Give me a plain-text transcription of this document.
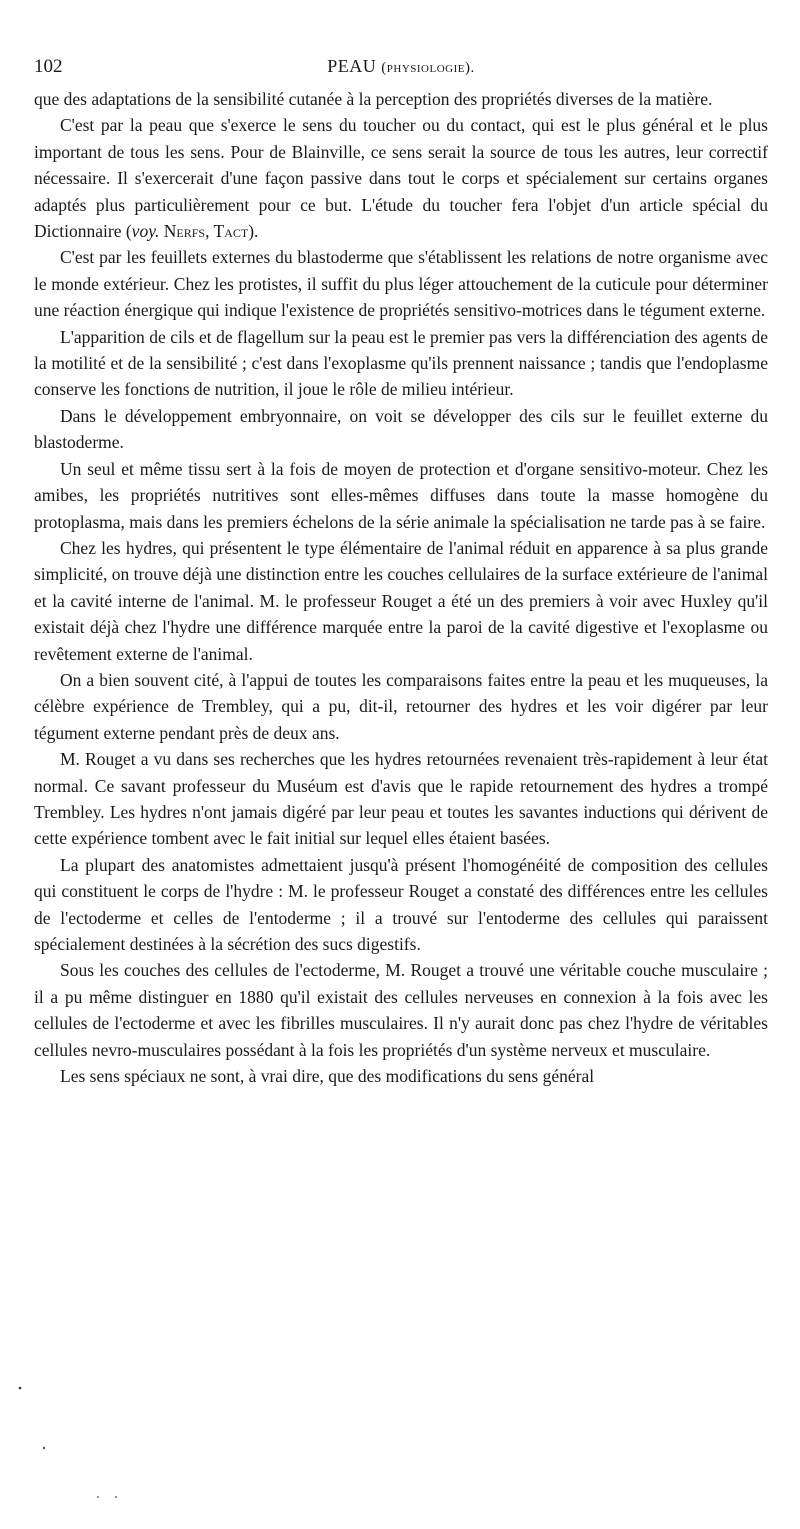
102	PEAU (physiologie).

que des adaptations de la sensibilité cutanée à la perception des propriétés diverses de la matière.

C'est par la peau que s'exerce le sens du toucher ou du contact, qui est le plus général et le plus important de tous les sens. Pour de Blainville, ce sens serait la source de tous les autres, leur correctif nécessaire. Il s'exercerait d'une façon passive dans tout le corps et spécialement sur certains organes adaptés plus particulièrement pour ce but. L'étude du toucher fera l'objet d'un article spécial du Dictionnaire (voy. Nerfs, Tact).

C'est par les feuillets externes du blastoderme que s'établissent les relations de notre organisme avec le monde extérieur. Chez les protistes, il suffit du plus léger attouchement de la cuticule pour déterminer une réaction énergique qui indique l'existence de propriétés sensitivo-motrices dans le tégument externe.

L'apparition de cils et de flagellum sur la peau est le premier pas vers la différenciation des agents de la motilité et de la sensibilité ; c'est dans l'exoplasme qu'ils prennent naissance ; tandis que l'endoplasme conserve les fonctions de nutrition, il joue le rôle de milieu intérieur.

Dans le développement embryonnaire, on voit se développer des cils sur le feuillet externe du blastoderme.

Un seul et même tissu sert à la fois de moyen de protection et d'organe sensitivo-moteur. Chez les amibes, les propriétés nutritives sont elles-mêmes diffuses dans toute la masse homogène du protoplasma, mais dans les premiers échelons de la série animale la spécialisation ne tarde pas à se faire.

Chez les hydres, qui présentent le type élémentaire de l'animal réduit en apparence à sa plus grande simplicité, on trouve déjà une distinction entre les couches cellulaires de la surface extérieure de l'animal et la cavité interne de l'animal. M. le professeur Rouget a été un des premiers à voir avec Huxley qu'il existait déjà chez l'hydre une différence marquée entre la paroi de la cavité digestive et l'exoplasme ou revêtement externe de l'animal.

On a bien souvent cité, à l'appui de toutes les comparaisons faites entre la peau et les muqueuses, la célèbre expérience de Trembley, qui a pu, dit-il, retourner des hydres et les voir digérer par leur tégument externe pendant près de deux ans.

M. Rouget a vu dans ses recherches que les hydres retournées revenaient très-rapidement à leur état normal. Ce savant professeur du Muséum est d'avis que le rapide retournement des hydres a trompé Trembley. Les hydres n'ont jamais digéré par leur peau et toutes les savantes inductions qui dérivent de cette expérience tombent avec le fait initial sur lequel elles étaient basées.

La plupart des anatomistes admettaient jusqu'à présent l'homogénéité de composition des cellules qui constituent le corps de l'hydre : M. le professeur Rouget a constaté des différences entre les cellules de l'ectoderme et celles de l'entoderme ; il a trouvé sur l'entoderme des cellules qui paraissent spécialement destinées à la sécrétion des sucs digestifs.

Sous les couches des cellules de l'ectoderme, M. Rouget a trouvé une véritable couche musculaire ; il a pu même distinguer en 1880 qu'il existait des cellules nerveuses en connexion à la fois avec les cellules de l'ectoderme et avec les fibrilles musculaires. Il n'y aurait donc pas chez l'hydre de véritables cellules nevro-musculaires possédant à la fois les propriétés d'un système nerveux et musculaire.

Les sens spéciaux ne sont, à vrai dire, que des modifications du sens général
